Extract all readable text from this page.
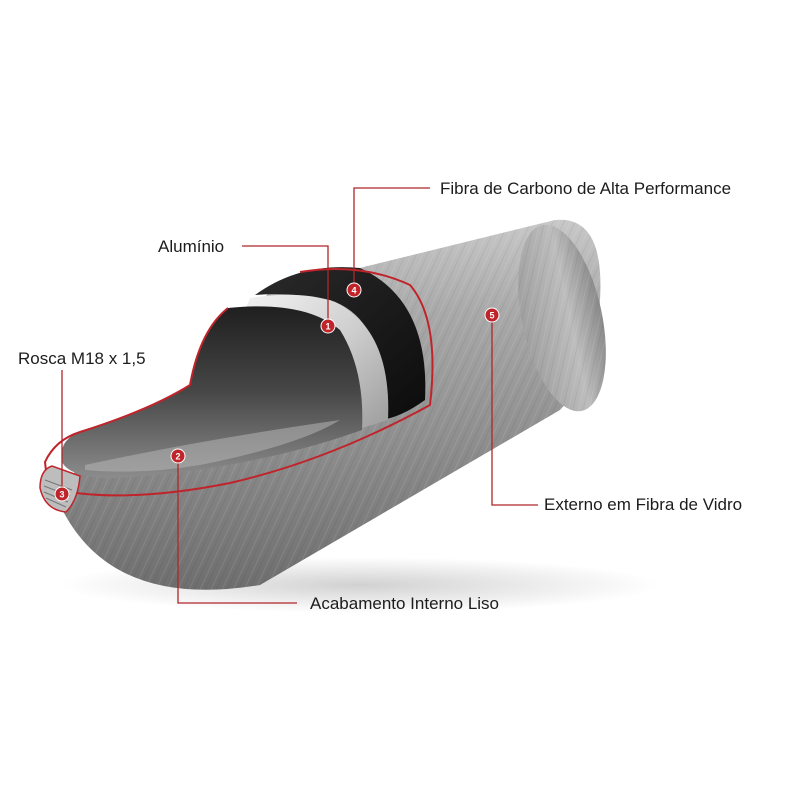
1
2
3
4
5
Alumínio
Acabamento Interno Liso
Rosca M18 x 1,5
Fibra de Carbono de Alta Performance
Externo em Fibra de Vidro
